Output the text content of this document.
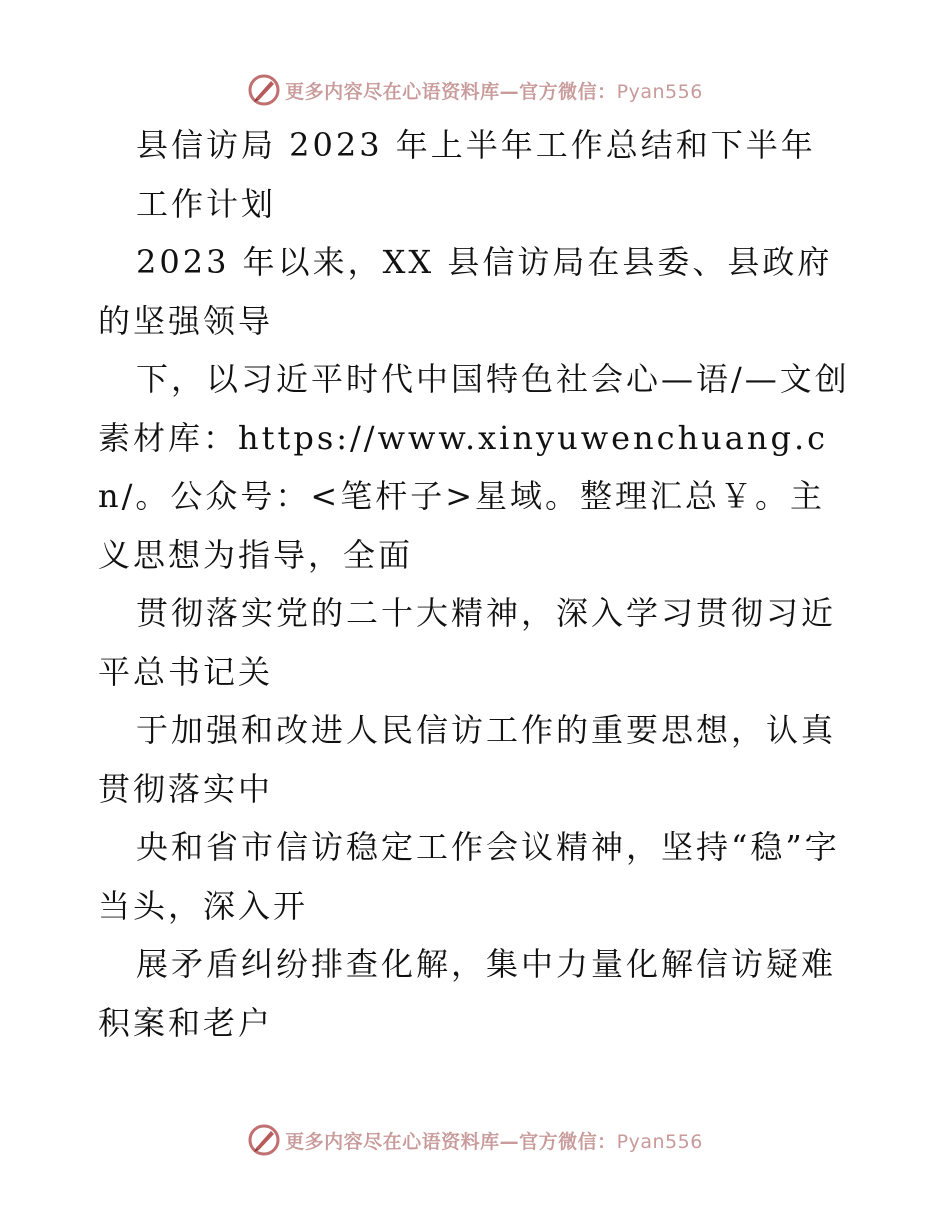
更多内容尽在心语资料库—官方微信：Pyan556

县信访局 2023 年上半年工作总结和下半年

工作计划

2023 年以来，XX 县信访局在县委、县政府的坚强领导

下，以习近平时代中国特色社会心—语/—文创素材库：https://www.xinyuwenchuang.cn/。公众号：<笔杆子>星域。整理汇总￥。主义思想为指导，全面

贯彻落实党的二十大精神，深入学习贯彻习近平总书记关

于加强和改进人民信访工作的重要思想，认真贯彻落实中

央和省市信访稳定工作会议精神，坚持“稳”字当头，深入开

展矛盾纠纷排查化解，集中力量化解信访疑难积案和老户

更多内容尽在心语资料库—官方微信：Pyan556
